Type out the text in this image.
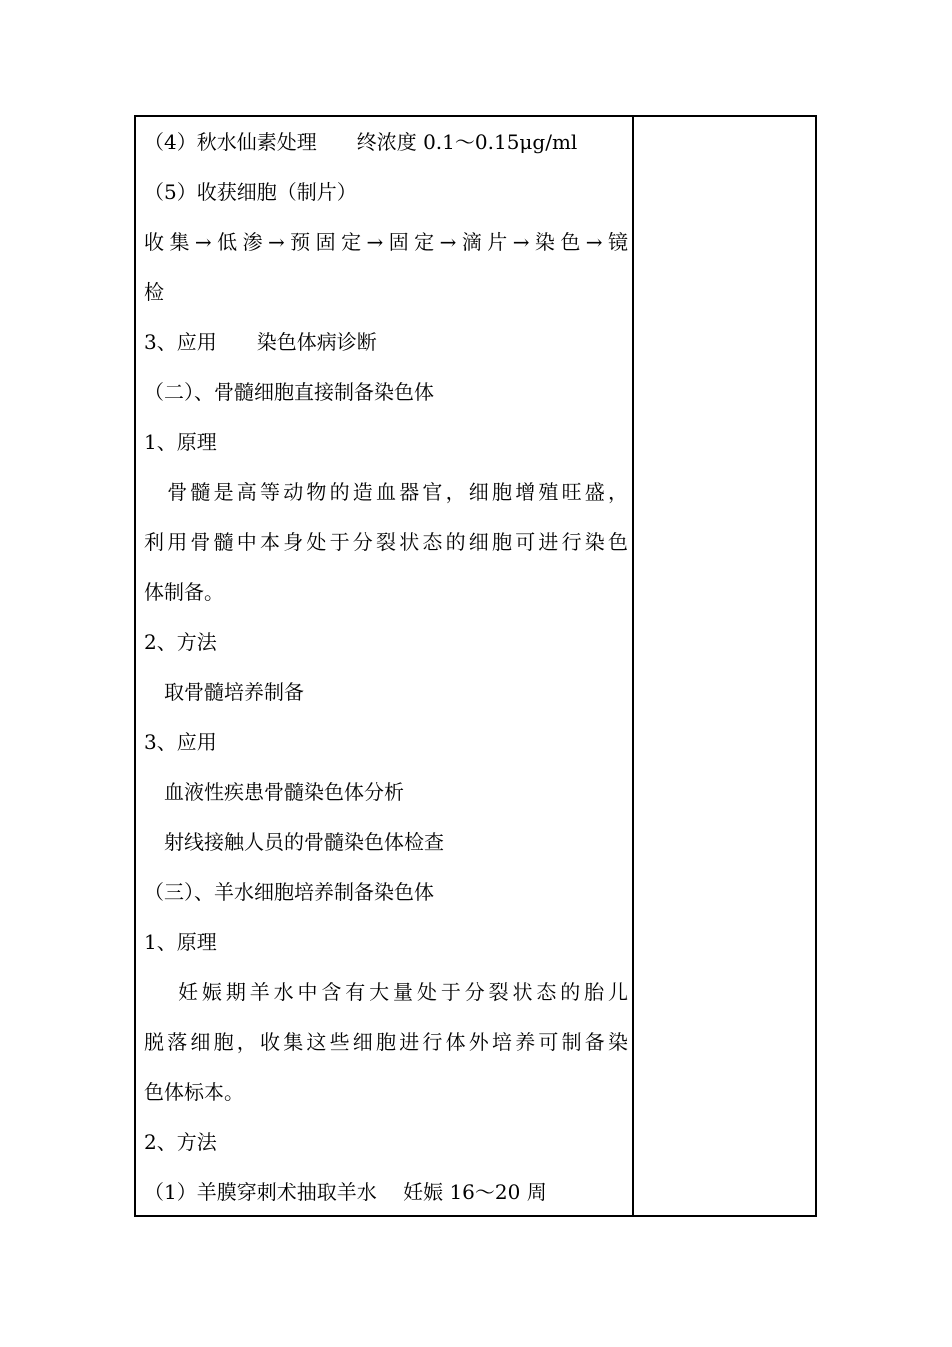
（4）秋水仙素处理　　终浓度 0.1～0.15μg/ml
（5）收获细胞（制片）
收集→低渗→预固定→固定→滴片→染色→镜
检
3、应用　　染色体病诊断
（二）、骨髓细胞直接制备染色体
1、原理
　骨髓是高等动物的造血器官，细胞增殖旺盛，
利用骨髓中本身处于分裂状态的细胞可进行染色
体制备。
2、方法
　取骨髓培养制备
3、应用
　血液性疾患骨髓染色体分析
　射线接触人员的骨髓染色体检查
（三）、羊水细胞培养制备染色体
1、原理
　 妊娠期羊水中含有大量处于分裂状态的胎儿
脱落细胞，收集这些细胞进行体外培养可制备染
色体标本。
2、方法
（1）羊膜穿刺术抽取羊水　 妊娠 16～20 周
